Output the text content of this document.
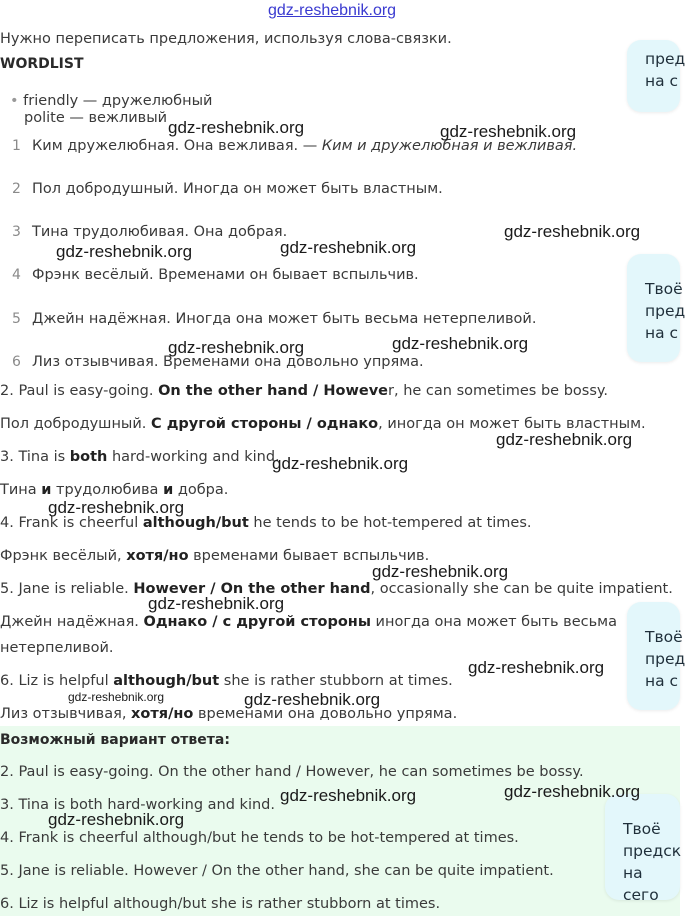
gdz-reshebnik.org
Нужно переписать предложения, используя слова-связки.
WORDLIST
• friendly — дружелюбный
polite — вежливый
1 Ким дружелюбная. Она вежливая. — Ким и дружелюбная и вежливая.
2 Пол добродушный. Иногда он может быть властным.
3 Тина трудолюбивая. Она добрая.
4 Фрэнк весёлый. Временами он бывает вспыльчив.
5 Джейн надёжная. Иногда она может быть весьма нетерпеливой.
6 Лиз отзывчивая. Временами она довольно упряма.
2. Paul is easy-going. On the other hand / However, he can sometimes be bossy.
Пол добродушный. С другой стороны / однако, иногда он может быть властным.
3. Tina is both hard-working and kind.
Тина и трудолюбива и добра.
4. Frank is cheerful although/but he tends to be hot-tempered at times.
Фрэнк весёлый, хотя/но временами бывает вспыльчив.
5. Jane is reliable. However / On the other hand, occasionally she can be quite impatient.
Джейн надёжная. Однако / с другой стороны иногда она может быть весьма
нетерпеливой.
6. Liz is helpful although/but she is rather stubborn at times.
Лиз отзывчивая, хотя/но временами она довольно упряма.
Возможный вариант ответа:
2. Paul is easy-going. On the other hand / However, he can sometimes be bossy.
3. Tina is both hard-working and kind.
4. Frank is cheerful although/but he tends to be hot-tempered at times.
5. Jane is reliable. However / On the other hand, she can be quite impatient.
6. Liz is helpful although/but she is rather stubborn at times.
пред
на с
Твоё
пред
на с
Твоё
пред
на с
Твоё
предск
на сего
gdz-reshebnik.org	gdz-reshebnik.org
gdz-reshebnik.org
gdz-reshebnik.org
gdz-reshebnik.org
gdz-reshebnik.org
gdz-reshebnik.org
gdz-reshebnik.org
gdz-reshebnik.org
gdz-reshebnik.org
gdz-reshebnik.org
gdz-reshebnik.org
gdz-reshebnik.org
gdz-reshebnik.org	gdz-reshebnik.org
gdz-reshebnik.org
gdz-reshebnik.org
gdz-reshebnik.org
